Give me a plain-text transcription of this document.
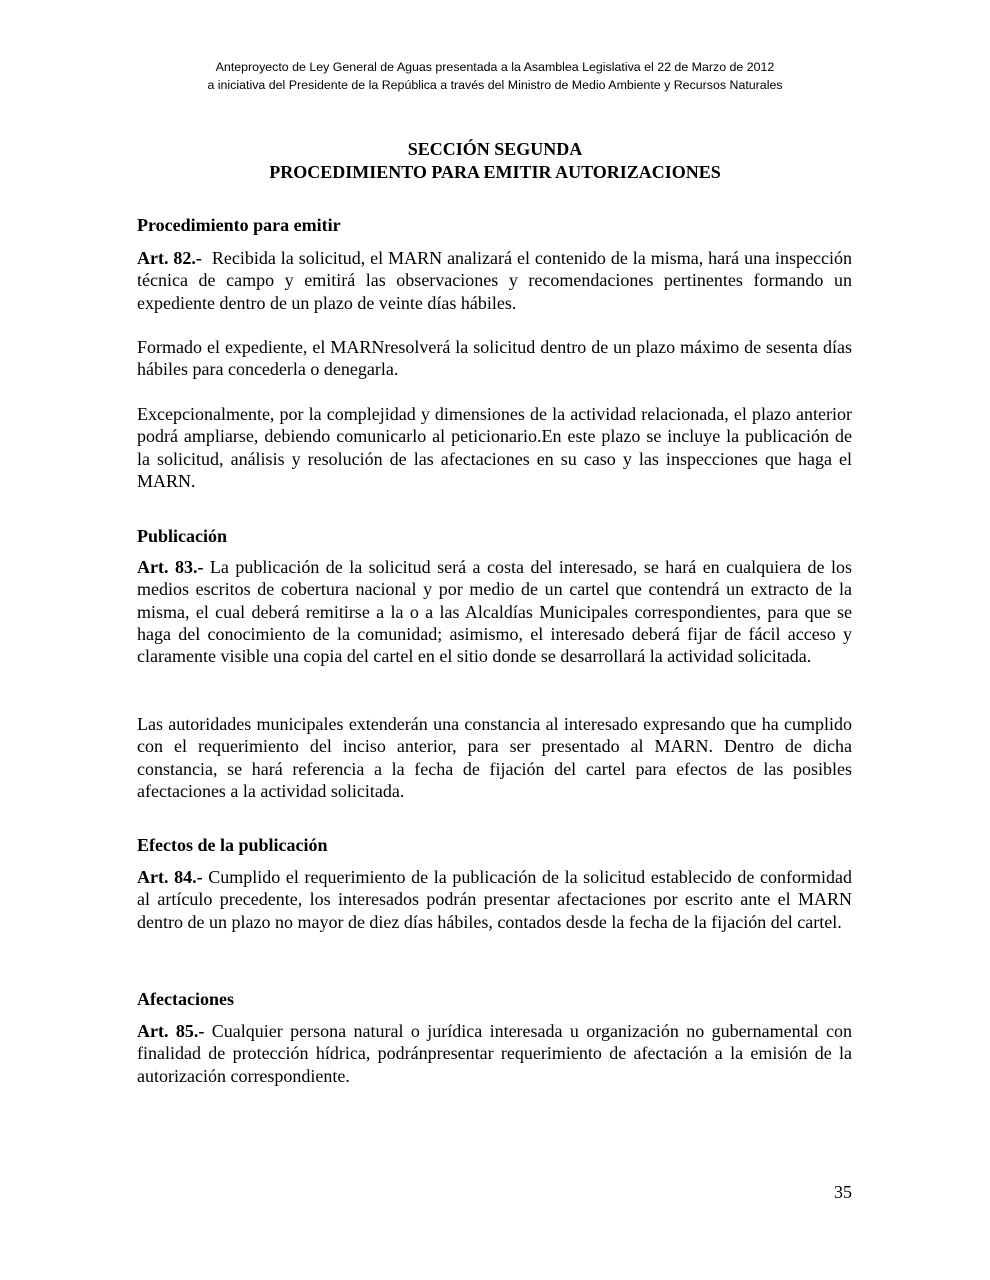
Anteproyecto de Ley General de Aguas presentada a la Asamblea Legislativa el 22 de Marzo de 2012
a iniciativa del Presidente de la República a través del Ministro de Medio Ambiente y Recursos Naturales
SECCIÓN SEGUNDA
PROCEDIMIENTO PARA EMITIR AUTORIZACIONES
Procedimiento para emitir

Art. 82.- Recibida la solicitud, el MARN analizará el contenido de la misma, hará una inspección técnica de campo y emitirá las observaciones y recomendaciones pertinentes formando un expediente dentro de un plazo de veinte días hábiles.

Formado el expediente, el MARNresolverá la solicitud dentro de un plazo máximo de sesenta días hábiles para concederla o denegarla.

Excepcionalmente, por la complejidad y dimensiones de la actividad relacionada, el plazo anterior podrá ampliarse, debiendo comunicarlo al peticionario.En este plazo se incluye la publicación de la solicitud, análisis y resolución de las afectaciones en su caso y las inspecciones que haga el MARN.

Publicación

Art. 83.- La publicación de la solicitud será a costa del interesado, se hará en cualquiera de los medios escritos de cobertura nacional y por medio de un cartel que contendrá un extracto de la misma, el cual deberá remitirse a la o a las Alcaldías Municipales correspondientes, para que se haga del conocimiento de la comunidad; asimismo, el interesado deberá fijar de fácil acceso y claramente visible una copia del cartel en el sitio donde se desarrollará la actividad solicitada.

Las autoridades municipales extenderán una constancia al interesado expresando que ha cumplido con el requerimiento del inciso anterior, para ser presentado al MARN. Dentro de dicha constancia, se hará referencia a la fecha de fijación del cartel para efectos de las posibles afectaciones a la actividad solicitada.

Efectos de la publicación

Art. 84.- Cumplido el requerimiento de la publicación de la solicitud establecido de conformidad al artículo precedente, los interesados podrán presentar afectaciones por escrito ante el MARN dentro de un plazo no mayor de diez días hábiles, contados desde la fecha de la fijación del cartel.

Afectaciones

Art. 85.- Cualquier persona natural o jurídica interesada u organización no gubernamental con finalidad de protección hídrica, podránpresentar requerimiento de afectación a la emisión de la autorización correspondiente.

35
